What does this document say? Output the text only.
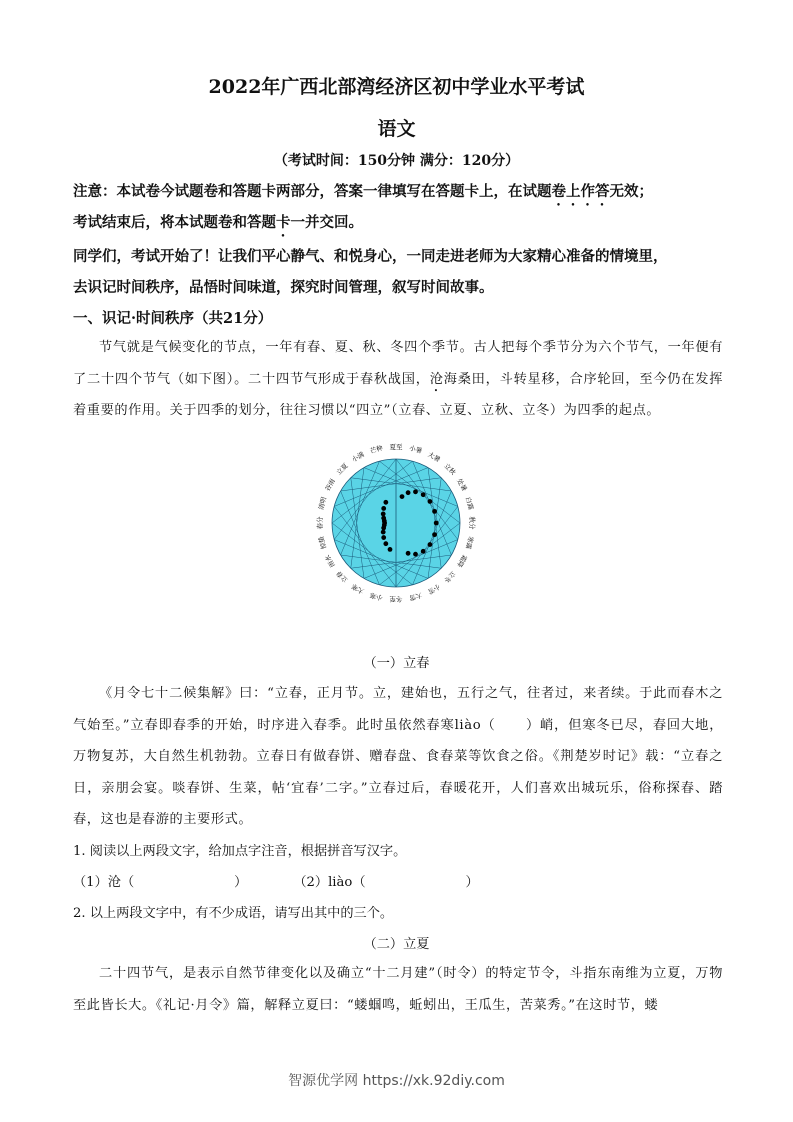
2022年广西北部湾经济区初中学业水平考试
语文
（考试时间：150分钟 满分：120分）
注意：本试卷今试题卷和答题卡两部分，答案一律填写在答题卡上，在试题卷上作答无效；
考试结束后，将本试题卷和答题卡一并交回。
同学们，考试开始了！让我们平心静气、和悦身心，一同走进老师为大家精心准备的情境里，
去识记时间秩序，品悟时间味道，探究时间管理，叙写时间故事。
一、识记·时间秩序（共21分）
节气就是气候变化的节点，一年有春、夏、秋、冬四个季节。古人把每个季节分为六个节气，一年便有了二十四个节气（如下图）。二十四节气形成于春秋战国，沧海桑田，斗转星移，合序轮回，至今仍在发挥着重要的作用。关于四季的划分，往往习惯以“四立”（立春、立夏、立秋、立冬）为四季的起点。
夏至 小暑
大暑
立秋
处暑
白露
秋分
寒露
霜降
立冬
小雪
大雪
冬至
小寒
大寒
立春
雨水
惊蛰
春分
清明
谷雨
立夏
小满
芒种
（一）立春
《月令七十二候集解》曰：“立春，正月节。立，建始也，五行之气，往者过，来者续。于此而春木之气始至。”立春即春季的开始，时序进入春季。此时虽依然春寒liào（ ）峭，但寒冬已尽，春回大地，万物复苏，大自然生机勃勃。立春日有做春饼、赠春盘、食春菜等饮食之俗。《荆楚岁时记》载：“立春之日，亲朋会宴。啖春饼、生菜，帖‘宜春’二字。”立春过后，春暖花开，人们喜欢出城玩乐，俗称探春、踏春，这也是春游的主要形式。
1. 阅读以上两段文字，给加点字注音，根据拼音写汉字。
（1）沧（	）	（2）liào（	）
2. 以上两段文字中，有不少成语，请写出其中的三个。
（二）立夏
二十四节气，是表示自然节律变化以及确立“十二月建”（时令）的特定节令，斗指东南维为立夏，万物至此皆长大。《礼记·月令》篇，解释立夏曰：“蝼蝈鸣，蚯蚓出，王瓜生，苦菜秀。”在这时节，蝼
智源优学网 https://xk.92diy.com
